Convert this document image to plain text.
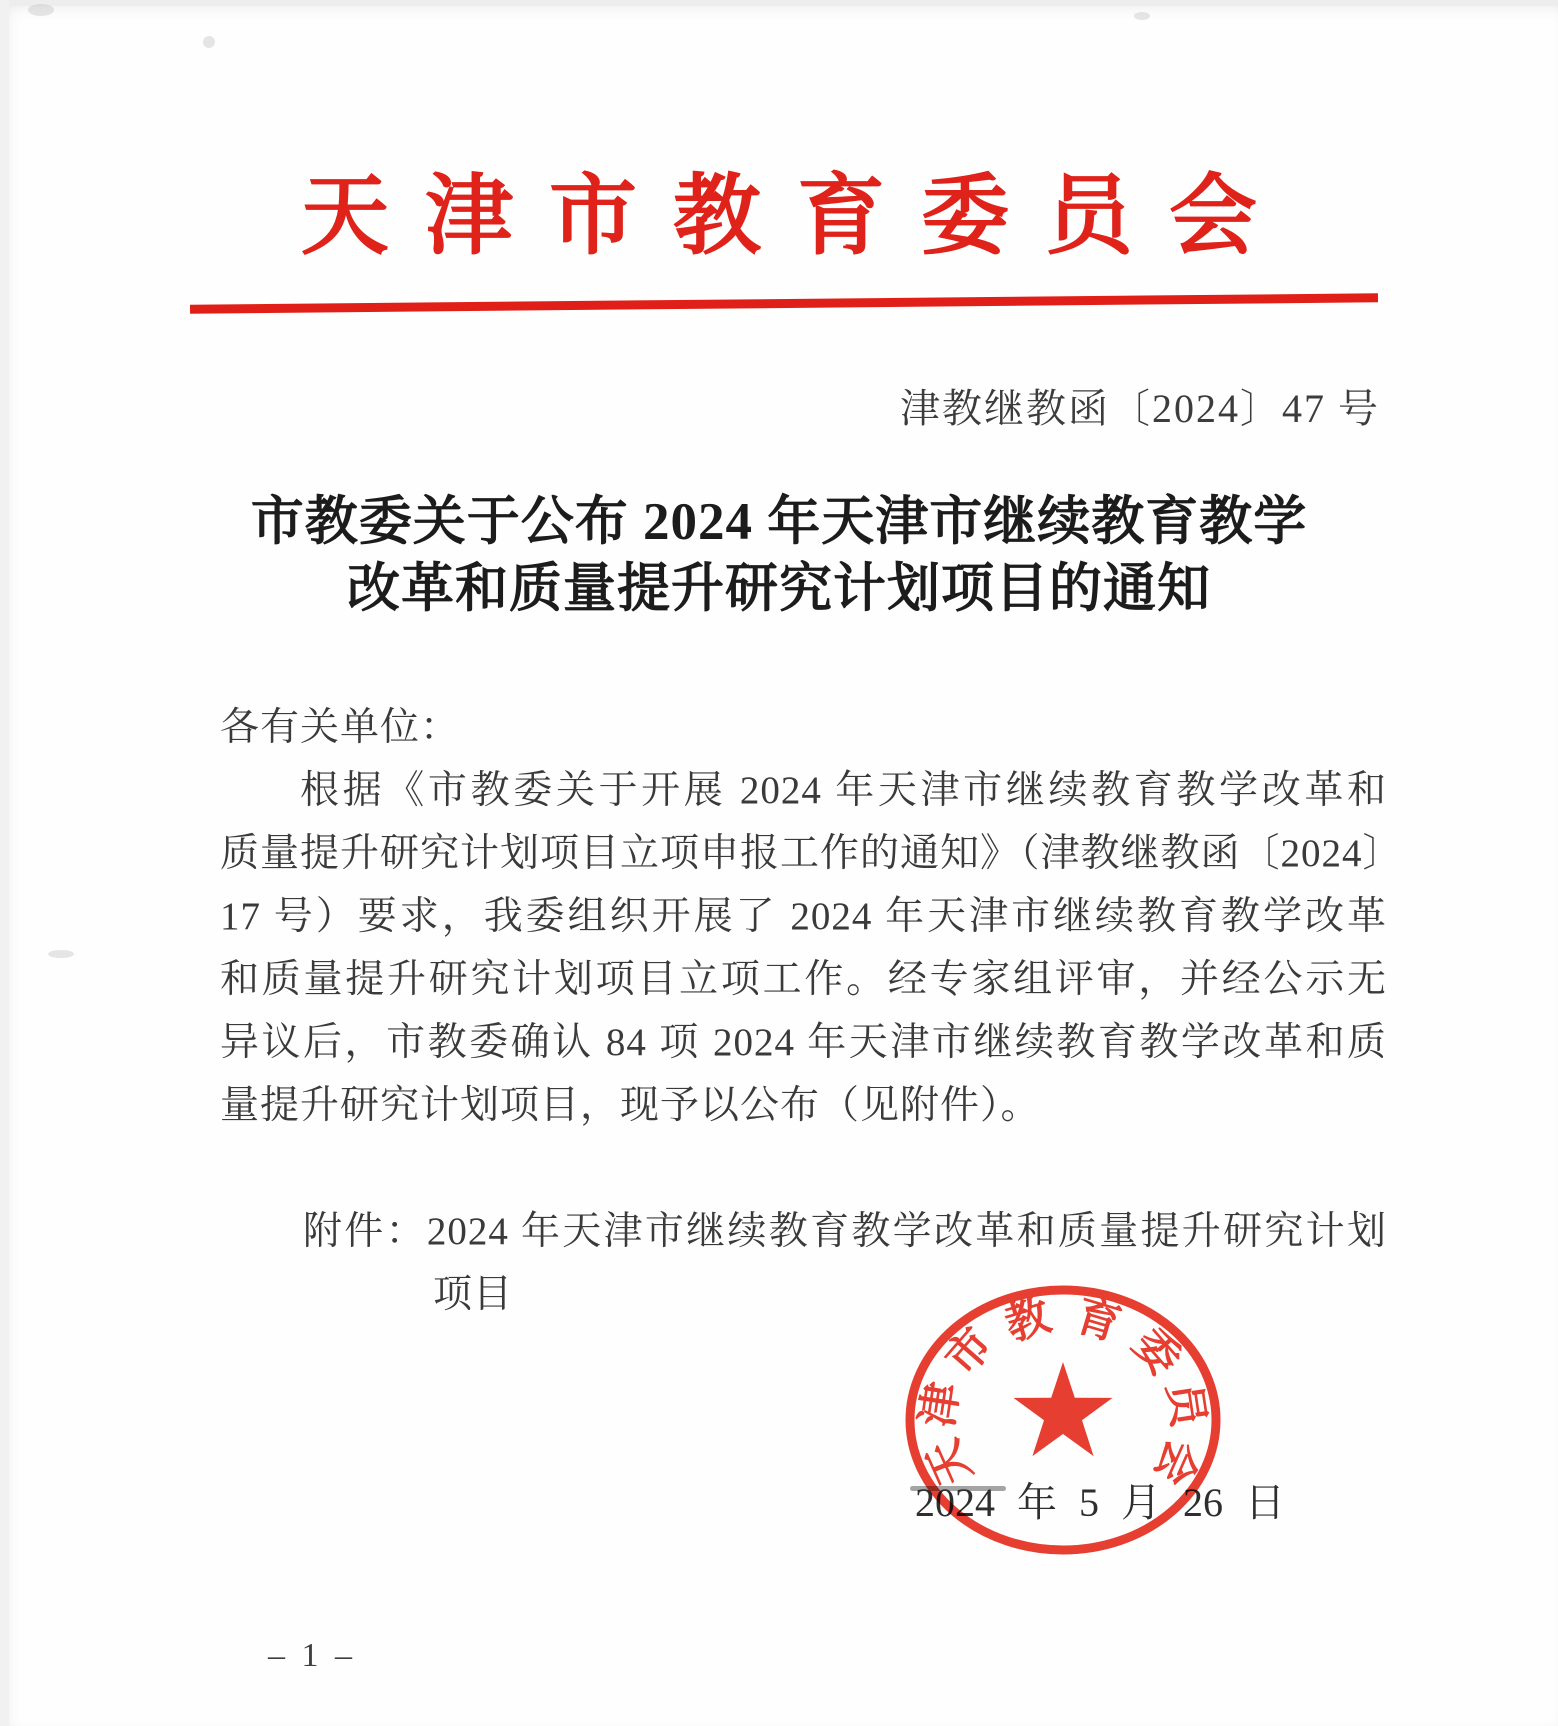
天津市教育委员会
津教继教函〔2024〕47 号
市教委关于公布 2024 年天津市继续教育教学
改革和质量提升研究计划项目的通知
各有关单位：
根据《市教委关于开展 2024 年天津市继续教育教学改革和
质量提升研究计划项目立项申报工作的通知》（津教继教函〔2024〕
17 号）要求，我委组织开展了 2024 年天津市继续教育教学改革
和质量提升研究计划项目立项工作。经专家组评审，并经公示无
异议后，市教委确认 84 项 2024 年天津市继续教育教学改革和质
量提升研究计划项目，现予以公布（见附件）。
附件：2024 年天津市继续教育教学改革和质量提升研究计划
项目
2024 年 5 月 26 日
天
津
市
教 育
委
员
会
– 1 –
